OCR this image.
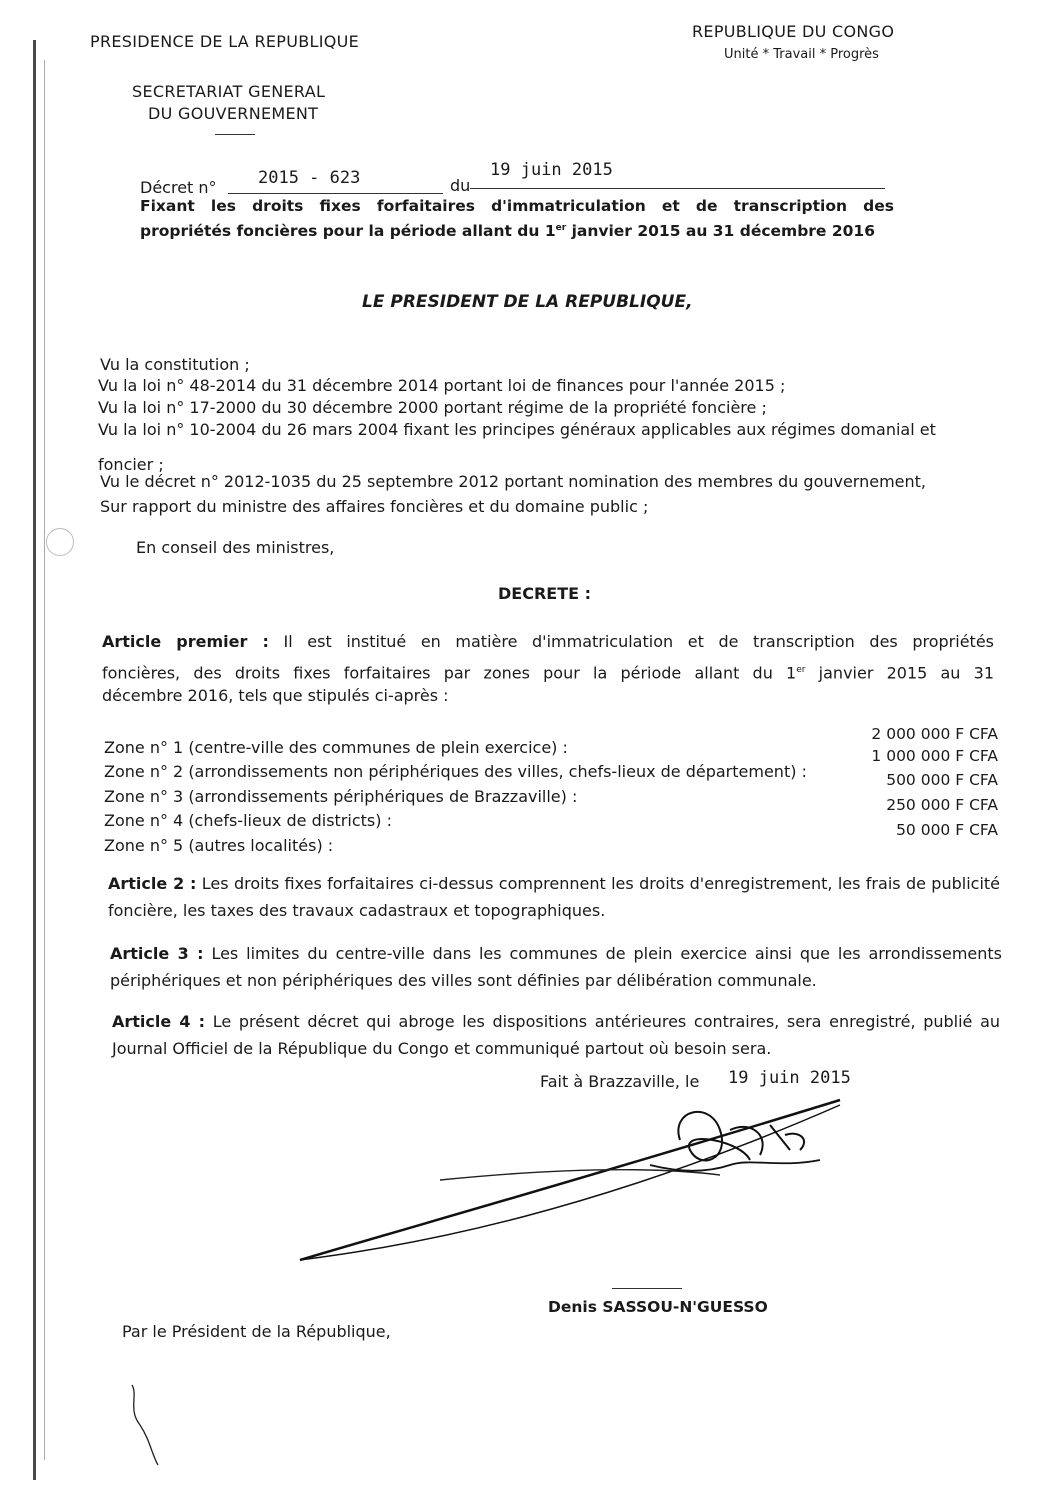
PRESIDENCE DE LA REPUBLIQUE
SECRETARIAT GENERAL
DU GOUVERNEMENT
REPUBLIQUE DU CONGO
Unité * Travail * Progrès
Décret n° 2015 - 623	du
19 juin 2015
Fixant les droits fixes forfaitaires d'immatriculation et de transcription des
propriétés foncières pour la période allant du 1er janvier 2015 au 31 décembre 2016
LE PRESIDENT DE LA REPUBLIQUE,
Vu la constitution ;
Vu la loi n° 48-2014 du 31 décembre 2014 portant loi de finances pour l'année 2015 ;
Vu la loi n° 17-2000 du 30 décembre 2000 portant régime de la propriété foncière ;
Vu la loi n° 10-2004 du 26 mars 2004 fixant les principes généraux applicables aux régimes domanial et
foncier ;
Vu le décret n° 2012-1035 du 25 septembre 2012 portant nomination des membres du gouvernement,
Sur rapport du ministre des affaires foncières et du domaine public ;
En conseil des ministres,
DECRETE :
Article premier : Il est institué en matière d'immatriculation et de transcription des propriétés
foncières, des droits fixes forfaitaires par zones pour la période allant du 1er janvier 2015 au 31
décembre 2016, tels que stipulés ci-après :
Zone n° 1 (centre-ville des communes de plein exercice) :
Zone n° 2 (arrondissements non périphériques des villes, chefs-lieux de département) :
Zone n° 3 (arrondissements périphériques de Brazzaville) :
Zone n° 4 (chefs-lieux de districts) :
Zone n° 5 (autres localités) :
2 000 000 F CFA
1 000 000 F CFA
500 000 F CFA
250 000 F CFA
50 000 F CFA
Article 2 : Les droits fixes forfaitaires ci-dessus comprennent les droits d'enregistrement, les frais de publicité foncière, les taxes des travaux cadastraux et topographiques.
Article 3 : Les limites du centre-ville dans les communes de plein exercice ainsi que les arrondissements périphériques et non périphériques des villes sont définies par délibération communale.
Article 4 : Le présent décret qui abroge les dispositions antérieures contraires, sera enregistré, publié au Journal Officiel de la République du Congo et communiqué partout où besoin sera.
Fait à Brazzaville, le 19 juin 2015
Denis SASSOU-N'GUESSO
Par le Président de la République,
